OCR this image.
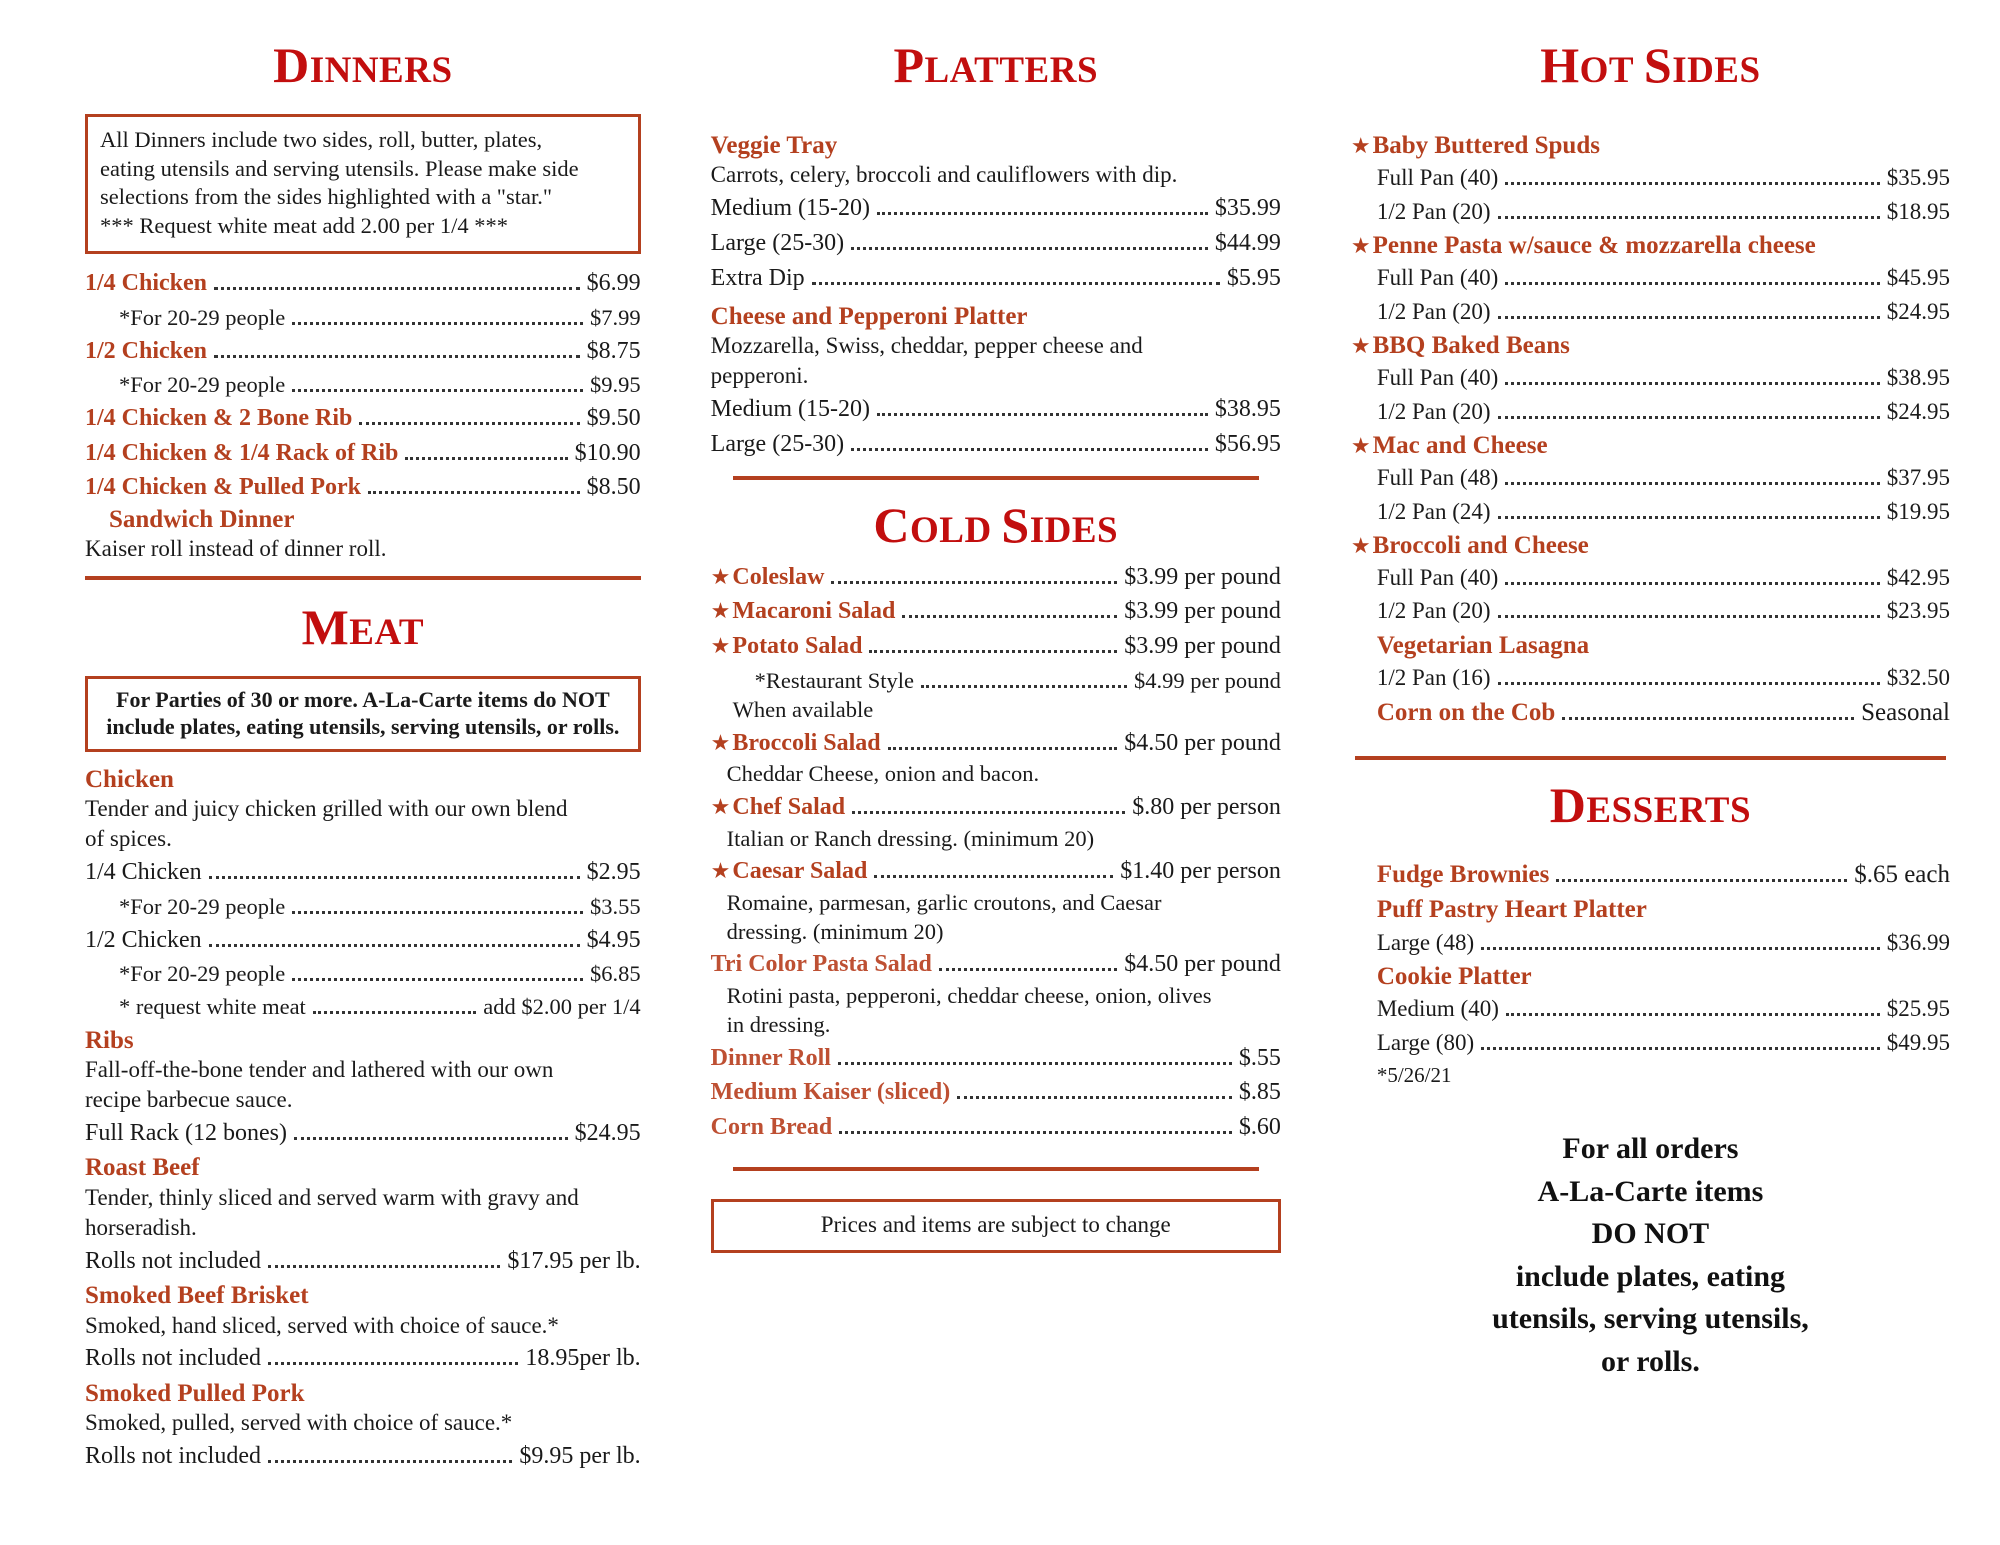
DINNERS

All Dinners include two sides, roll, butter, plates,

eating utensils and serving utensils. Please make side

selections from the sides highlighted with a "star."

*** Request white meat add 2.00 per 1/4 ***

1/4 Chicken	$6.99
*For 20-29 people	$7.99
1/2 Chicken	$8.75
*For 20-29 people	$9.95
1/4 Chicken & 2 Bone Rib	$9.50
1/4 Chicken & 1/4 Rack of Rib	$10.90
1/4 Chicken & Pulled Pork	$8.50
Sandwich Dinner
Kaiser roll instead of dinner roll.
MEAT

For Parties of 30 or more. A-La-Carte items do NOT

include plates, eating utensils, serving utensils, or rolls.

Chicken
Tender and juicy chicken grilled with our own blend
of spices.
1/4 Chicken	$2.95
*For 20-29 people	$3.55
1/2 Chicken	$4.95
*For 20-29 people	$6.85
* request white meat	add $2.00 per 1/4
Ribs
Fall-off-the-bone tender and lathered with our own
recipe barbecue sauce.
Full Rack (12 bones)	$24.95
Roast Beef
Tender, thinly sliced and served warm with gravy and
horseradish.
Rolls not included	$17.95 per lb.
Smoked Beef Brisket
Smoked, hand sliced, served with choice of sauce.*
Rolls not included	18.95per lb.
Smoked Pulled Pork
Smoked, pulled, served with choice of sauce.*
Rolls not included	$9.95 per lb.
PLATTERS
Veggie Tray
Carrots, celery, broccoli and cauliflowers with dip.
Medium (15-20)	$35.99
Large (25-30)	$44.99
Extra Dip	$5.95
Cheese and Pepperoni Platter
Mozzarella, Swiss, cheddar, pepper cheese and
pepperoni.
Medium (15-20)	$38.95
Large (25-30)	$56.95
COLD SIDES
★ Coleslaw	$3.99 per pound
★ Macaroni Salad	$3.99 per pound
★ Potato Salad	$3.99 per pound
*Restaurant Style	$4.99 per pound
When available
★ Broccoli Salad	$4.50 per pound
Cheddar Cheese, onion and bacon.
★ Chef Salad	$.80 per person
Italian or Ranch dressing. (minimum 20)
★ Caesar Salad	$1.40 per person
Romaine, parmesan, garlic croutons, and Caesar
dressing. (minimum 20)
Tri Color Pasta Salad	$4.50 per pound
Rotini pasta, pepperoni, cheddar cheese, onion, olives
in dressing.
Dinner Roll	$.55
Medium Kaiser (sliced)	$.85
Corn Bread	$.60
Prices and items are subject to change
HOT SIDES
★ Baby Buttered Spuds
Full Pan (40)	$35.95
1/2 Pan (20)	$18.95
★ Penne Pasta w/sauce & mozzarella cheese
Full Pan (40)	$45.95
1/2 Pan (20)	$24.95
★ BBQ Baked Beans
Full Pan (40)	$38.95
1/2 Pan (20)	$24.95
★ Mac and Cheese
Full Pan (48)	$37.95
1/2 Pan (24)	$19.95
★ Broccoli and Cheese
Full Pan (40)	$42.95
1/2 Pan (20)	$23.95
Vegetarian Lasagna
1/2 Pan (16)	$32.50
Corn on the Cob	Seasonal
DESSERTS
Fudge Brownies	$.65 each
Puff Pastry Heart Platter
Large (48)	$36.99
Cookie Platter
Medium (40)	$25.95
Large (80)	$49.95
*5/26/21
For all orders
A-La-Carte items
DO NOT
include plates, eating
utensils, serving utensils,
or rolls.
